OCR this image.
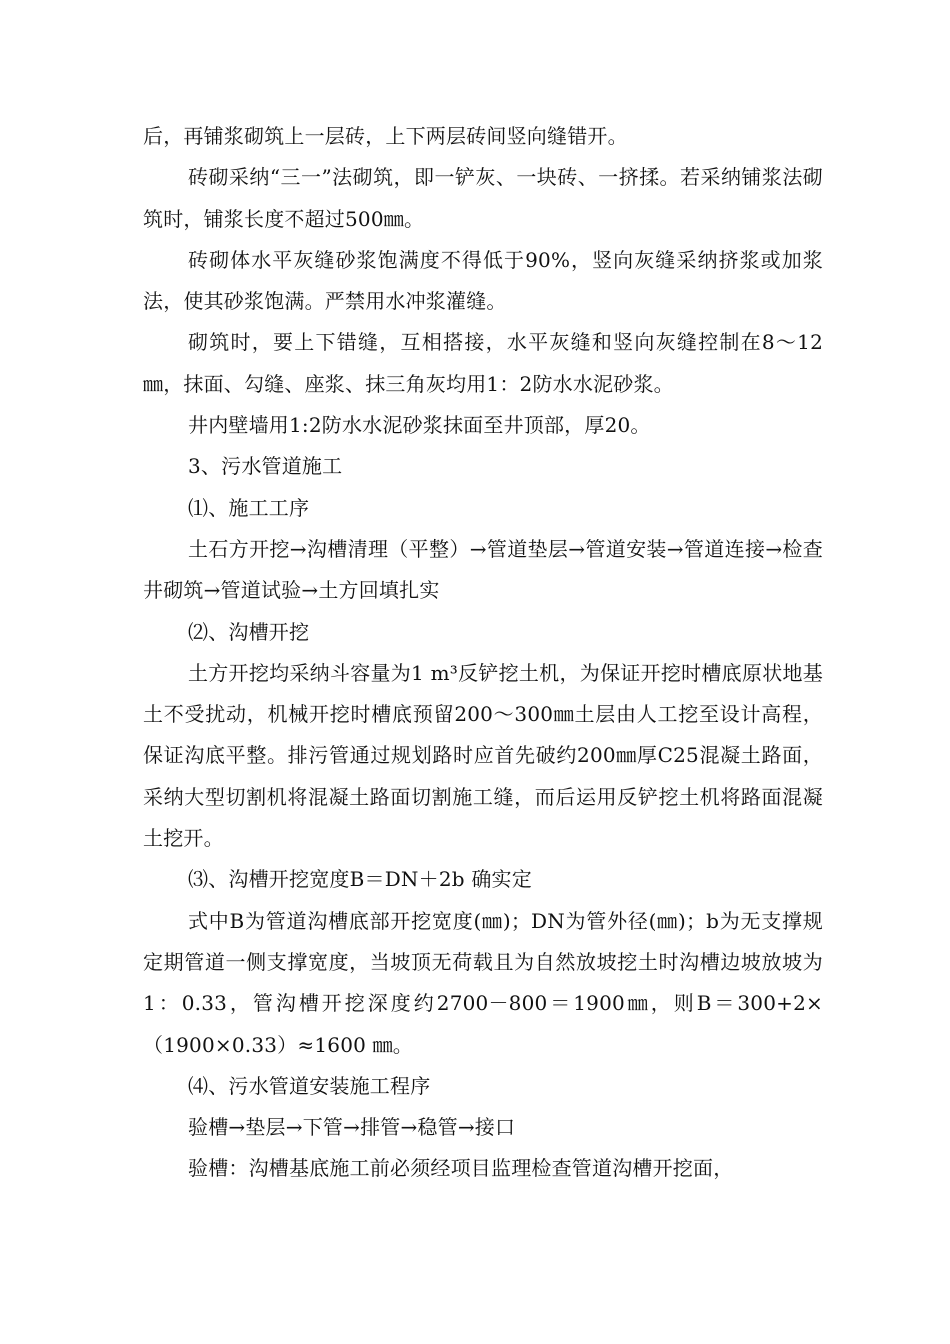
后，再铺浆砌筑上一层砖，上下两层砖间竖向缝错开。

砖砌采纳“三一”法砌筑，即一铲灰、一块砖、一挤揉。若采纳铺浆法砌筑时，铺浆长度不超过500㎜。

砖砌体水平灰缝砂浆饱满度不得低于90%，竖向灰缝采纳挤浆或加浆法，使其砂浆饱满。严禁用水冲浆灌缝。

砌筑时，要上下错缝，互相搭接，水平灰缝和竖向灰缝控制在8～12㎜，抹面、勾缝、座浆、抹三角灰均用1：2防水水泥砂浆。

井内壁墙用1:2防水水泥砂浆抹面至井顶部，厚20。

3、污水管道施工

⑴、施工工序

土石方开挖→沟槽清理（平整）→管道垫层→管道安装→管道连接→检查井砌筑→管道试验→土方回填扎实

⑵、沟槽开挖

土方开挖均采纳斗容量为1 m³反铲挖土机，为保证开挖时槽底原状地基土不受扰动，机械开挖时槽底预留200～300㎜土层由人工挖至设计高程，保证沟底平整。排污管通过规划路时应首先破约200㎜厚C25混凝土路面，采纳大型切割机将混凝土路面切割施工缝，而后运用反铲挖土机将路面混凝土挖开。

⑶、沟槽开挖宽度B＝DN＋2b 确实定

式中B为管道沟槽底部开挖宽度(㎜)；DN为管外径(㎜)；b为无支撑规定期管道一侧支撑宽度，当坡顶无荷载且为自然放坡挖土时沟槽边坡放坡为1：0.33，管沟槽开挖深度约2700－800＝1900㎜，则B＝300+2×（1900×0.33）≈1600 ㎜。

⑷、污水管道安装施工程序

验槽→垫层→下管→排管→稳管→接口

验槽：沟槽基底施工前必须经项目监理检查管道沟槽开挖面，
